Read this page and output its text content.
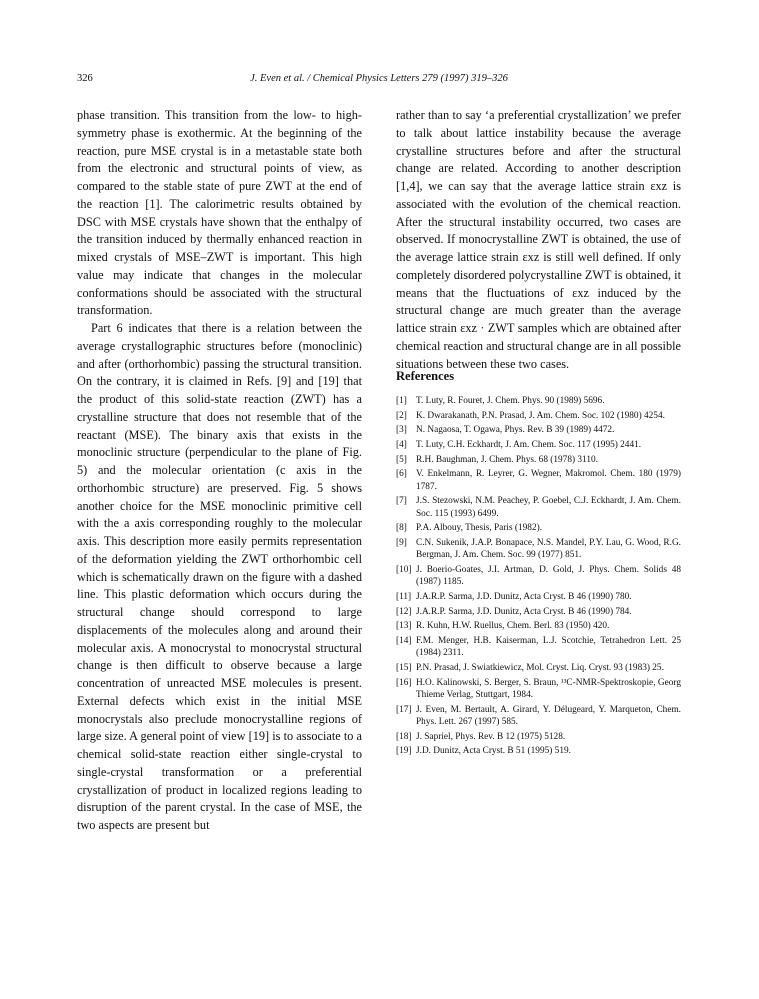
326	J. Even et al. / Chemical Physics Letters 279 (1997) 319–326

phase transition. This transition from the low- to high-symmetry phase is exothermic. At the beginning of the reaction, pure MSE crystal is in a metastable state both from the electronic and structural points of view, as compared to the stable state of pure ZWT at the end of the reaction [1]. The calorimetric results obtained by DSC with MSE crystals have shown that the enthalpy of the transition induced by thermally enhanced reaction in mixed crystals of MSE–ZWT is important. This high value may indicate that changes in the molecular conformations should be associated with the structural transformation.

Part 6 indicates that there is a relation between the average crystallographic structures before (monoclinic) and after (orthorhombic) passing the structural transition. On the contrary, it is claimed in Refs. [9] and [19] that the product of this solid-state reaction (ZWT) has a crystalline structure that does not resemble that of the reactant (MSE). The binary axis that exists in the monoclinic structure (perpendicular to the plane of Fig. 5) and the molecular orientation (c axis in the orthorhombic structure) are preserved. Fig. 5 shows another choice for the MSE monoclinic primitive cell with the a axis corresponding roughly to the molecular axis. This description more easily permits representation of the deformation yielding the ZWT orthorhombic cell which is schematically drawn on the figure with a dashed line. This plastic deformation which occurs during the structural change should correspond to large displacements of the molecules along and around their molecular axis. A monocrystal to monocrystal structural change is then difficult to observe because a large concentration of unreacted MSE molecules is present. External defects which exist in the initial MSE monocrystals also preclude monocrystalline regions of large size. A general point of view [19] is to associate to a chemical solid-state reaction either single-crystal to single-crystal transformation or a preferential crystallization of product in localized regions leading to disruption of the parent crystal. In the case of MSE, the two aspects are present but

rather than to say ‘a preferential crystallization’ we prefer to talk about lattice instability because the average crystalline structures before and after the structural change are related. According to another description [1,4], we can say that the average lattice strain εxz is associated with the evolution of the chemical reaction. After the structural instability occurred, two cases are observed. If monocrystalline ZWT is obtained, the use of the average lattice strain εxz is still well defined. If only completely disordered polycrystalline ZWT is obtained, it means that the fluctuations of εxz induced by the structural change are much greater than the average lattice strain εxz · ZWT samples which are obtained after chemical reaction and structural change are in all possible situations between these two cases.

References
[1] T. Luty, R. Fouret, J. Chem. Phys. 90 (1989) 5696.
[2] K. Dwarakanath, P.N. Prasad, J. Am. Chem. Soc. 102 (1980) 4254.
[3] N. Nagaosa, T. Ogawa, Phys. Rev. B 39 (1989) 4472.
[4] T. Luty, C.H. Eckhardt, J. Am. Chem. Soc. 117 (1995) 2441.
[5] R.H. Baughman, J. Chem. Phys. 68 (1978) 3110.
[6] V. Enkelmann, R. Leyrer, G. Wegner, Makromol. Chem. 180 (1979) 1787.
[7] J.S. Stezowski, N.M. Peachey, P. Goebel, C.J. Eckhardt, J. Am. Chem. Soc. 115 (1993) 6499.
[8] P.A. Albouy, Thesis, Paris (1982).
[9] C.N. Sukenik, J.A.P. Bonapace, N.S. Mandel, P.Y. Lau, G. Wood, R.G. Bergman, J. Am. Chem. Soc. 99 (1977) 851.
[10] J. Boerio-Goates, J.I. Artman, D. Gold, J. Phys. Chem. Solids 48 (1987) 1185.
[11] J.A.R.P. Sarma, J.D. Dunitz, Acta Cryst. B 46 (1990) 780.
[12] J.A.R.P. Sarma, J.D. Dunitz, Acta Cryst. B 46 (1990) 784.
[13] R. Kuhn, H.W. Ruellus, Chem. Berl. 83 (1950) 420.
[14] F.M. Menger, H.B. Kaiserman, L.J. Scotchie, Tetrahedron Lett. 25 (1984) 2311.
[15] P.N. Prasad, J. Swiatkiewicz, Mol. Cryst. Liq. Cryst. 93 (1983) 25.
[16] H.O. Kalinowski, S. Berger, S. Braun, ¹³C-NMR-Spektroskopie, Georg Thieme Verlag, Stuttgart, 1984.
[17] J. Even, M. Bertault, A. Girard, Y. Délugeard, Y. Marqueton, Chem. Phys. Lett. 267 (1997) 585.
[18] J. Sapriel, Phys. Rev. B 12 (1975) 5128.
[19] J.D. Dunitz, Acta Cryst. B 51 (1995) 519.
